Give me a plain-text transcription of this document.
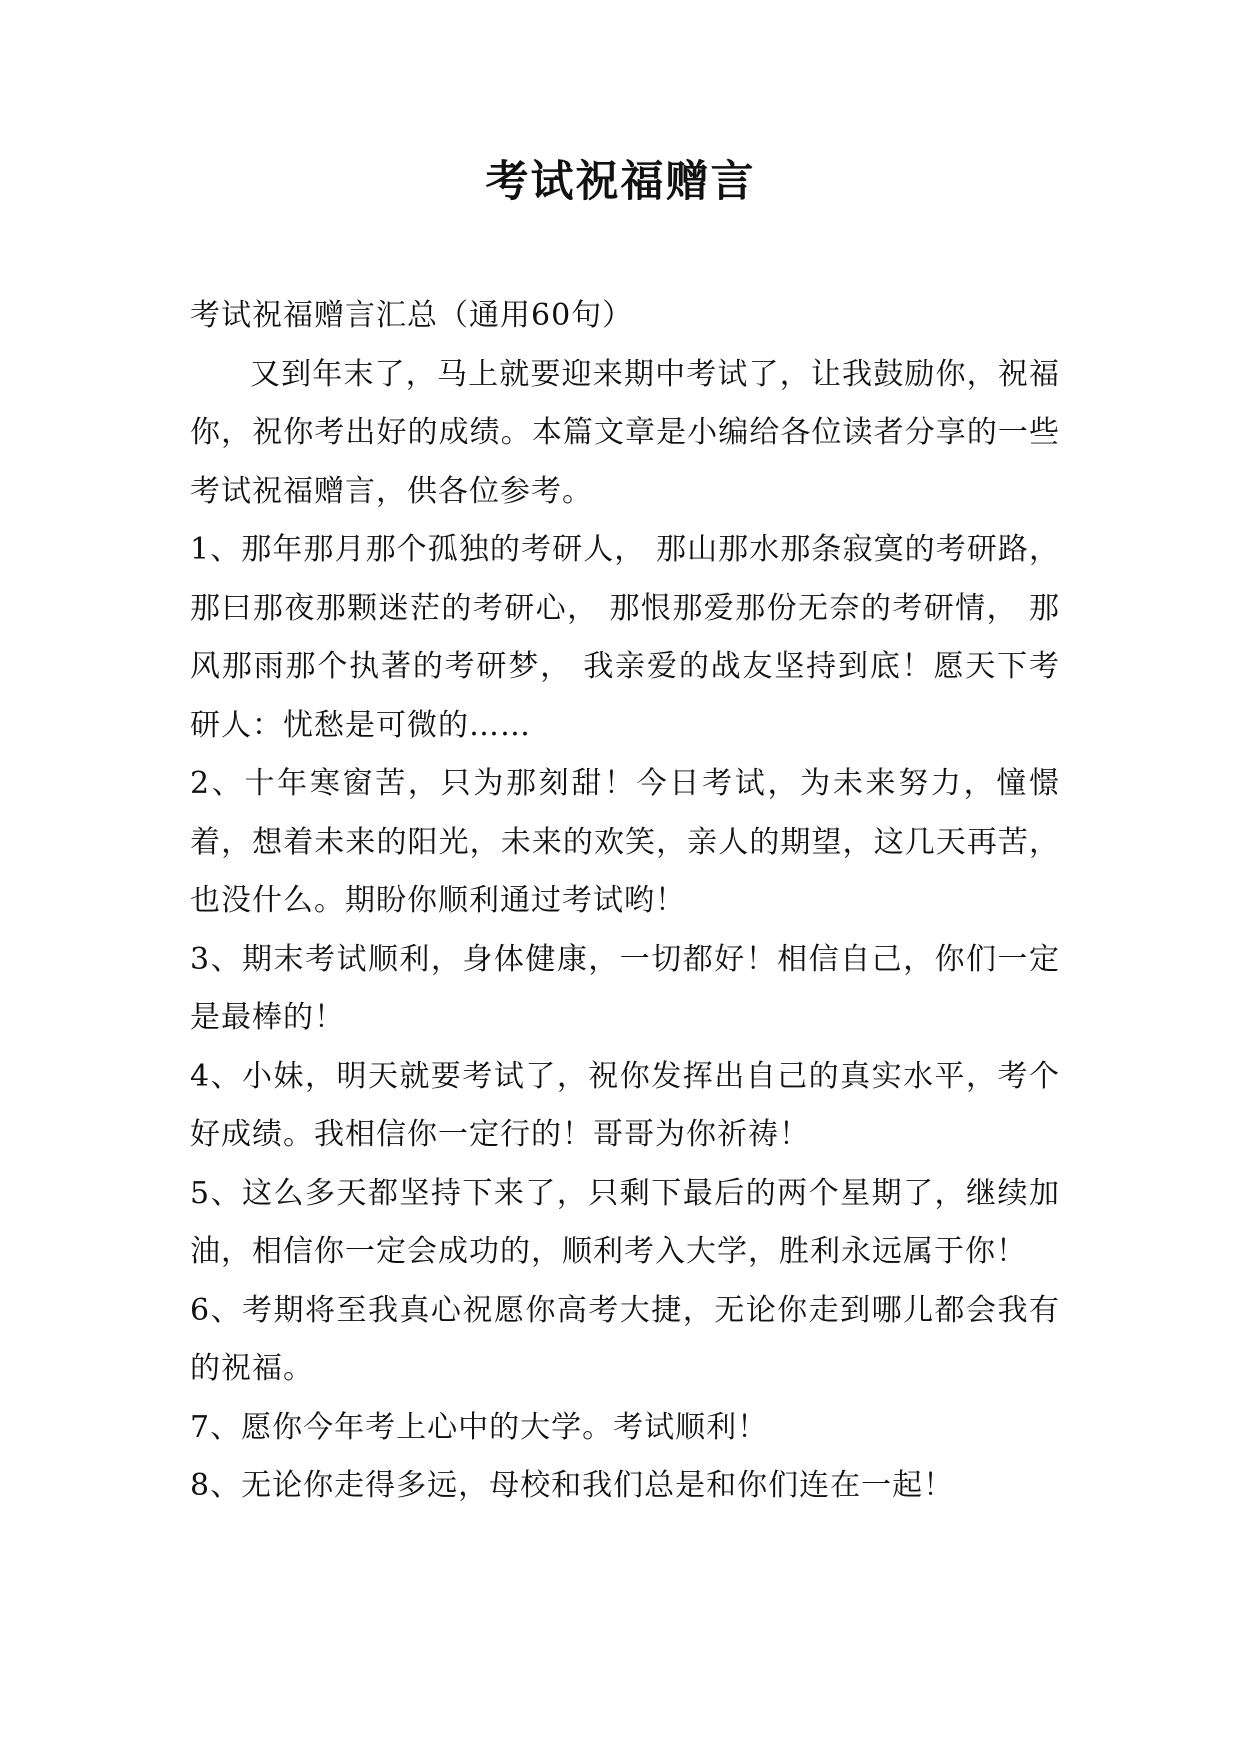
考试祝福赠言

考试祝福赠言汇总（通用60句）

又到年末了，马上就要迎来期中考试了，让我鼓励你，祝福你，祝你考出好的成绩。本篇文章是小编给各位读者分享的一些考试祝福赠言，供各位参考。

1、那年那月那个孤独的考研人， 那山那水那条寂寞的考研路， 那曰那夜那颗迷茫的考研心， 那恨那爱那份无奈的考研情， 那风那雨那个执著的考研梦， 我亲爱的战友坚持到底！愿天下考研人：忧愁是可微的……

2、十年寒窗苦，只为那刻甜！今日考试，为未来努力，憧憬着，想着未来的阳光，未来的欢笑，亲人的期望，这几天再苦，也没什么。期盼你顺利通过考试哟！

3、期末考试顺利，身体健康，一切都好！相信自己，你们一定是最棒的！

4、小妹，明天就要考试了，祝你发挥出自己的真实水平，考个好成绩。我相信你一定行的！哥哥为你祈祷！

5、这么多天都坚持下来了，只剩下最后的两个星期了，继续加油，相信你一定会成功的，顺利考入大学，胜利永远属于你！

6、考期将至我真心祝愿你高考大捷，无论你走到哪儿都会我有的祝福。

7、愿你今年考上心中的大学。考试顺利！

8、无论你走得多远，母校和我们总是和你们连在一起！
